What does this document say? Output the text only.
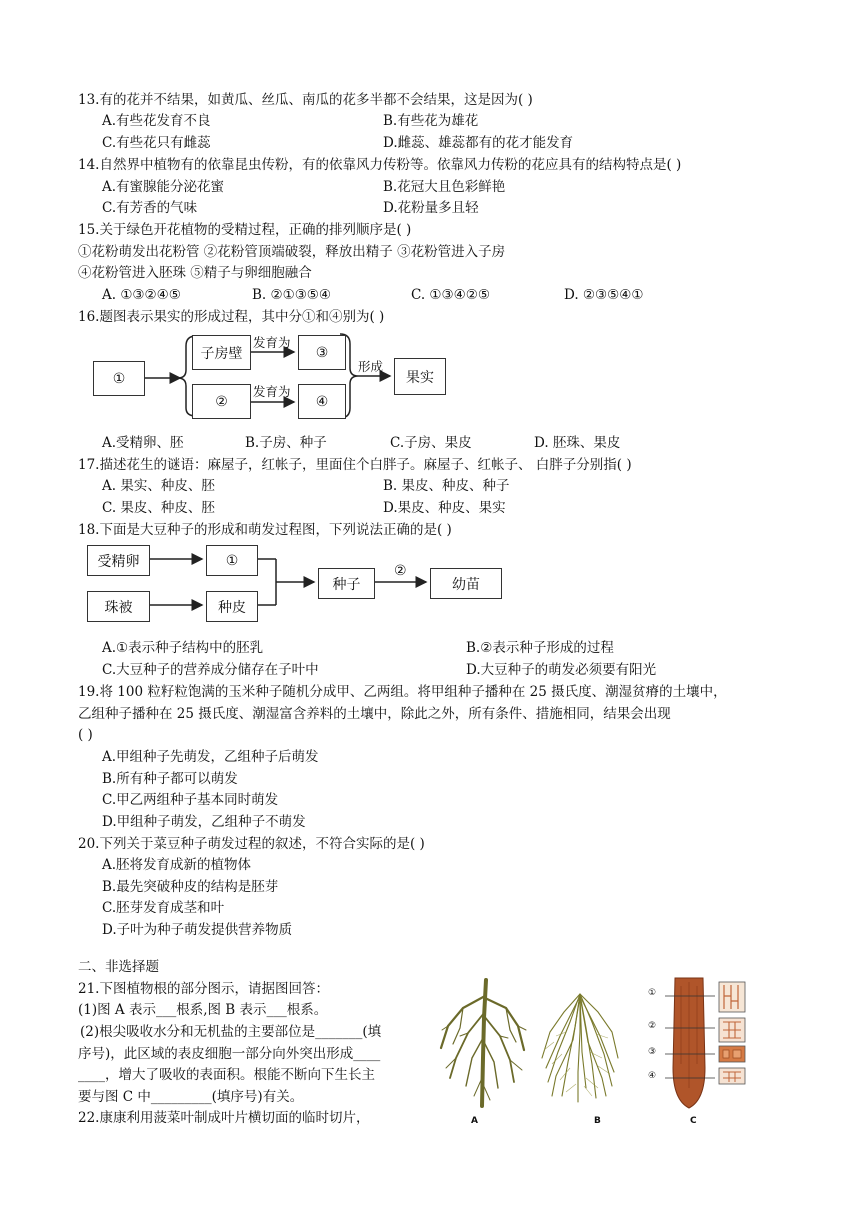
13.有的花并不结果，如黄瓜、丝瓜、南瓜的花多半都不会结果，这是因为( )
A.有些花发育不良	B.有些花为雄花
C.有些花只有雌蕊	D.雌蕊、雄蕊都有的花才能发育
14.自然界中植物有的依靠昆虫传粉，有的依靠风力传粉等。依靠风力传粉的花应具有的结构特点是( )
A.有蜜腺能分泌花蜜	B.花冠大且色彩鲜艳
C.有芳香的气味	D.花粉量多且轻
15.关于绿色开花植物的受精过程，正确的排列顺序是( )
①花粉萌发出花粉管 ②花粉管顶端破裂，释放出精子 ③花粉管进入子房
④花粉管进入胚珠 ⑤精子与卵细胞融合
A. ①③②④⑤	B. ②①③⑤④	C. ①③④②⑤	D. ②③⑤④①
16.题图表示果实的形成过程，其中分①和④别为( )
①
子房壁
发育为
③
形成
果实
②
发育为
④
A.受精卵、胚	B.子房、种子	C.子房、果皮	D. 胚珠、果皮
17.描述花生的谜语：麻屋子，红帐子，里面住个白胖子。麻屋子、红帐子、 白胖子分别指( )
A. 果实、种皮、胚	B. 果皮、种皮、种子
C. 果皮、种皮、胚	D.果皮、种皮、果实
18.下面是大豆种子的形成和萌发过程图，下列说法正确的是( )
受精卵	①
珠被	种皮
种子
②
幼苗
A.①表示种子结构中的胚乳	B.②表示种子形成的过程
C.大豆种子的营养成分储存在子叶中	D.大豆种子的萌发必须要有阳光
19.将 100 粒籽粒饱满的玉米种子随机分成甲、乙两组。将甲组种子播种在 25 摄氏度、潮湿贫瘠的土壤中，
乙组种子播种在 25 摄氏度、潮湿富含养料的土壤中，除此之外，所有条件、措施相同，结果会出现
( )
A.甲组种子先萌发，乙组种子后萌发
B.所有种子都可以萌发
C.甲乙两组种子基本同时萌发
D.甲组种子萌发，乙组种子不萌发
20.下列关于菜豆种子萌发过程的叙述，不符合实际的是( )
A.胚将发育成新的植物体
B.最先突破种皮的结构是胚芽
C.胚芽发育成茎和叶
D.子叶为种子萌发提供营养物质
二、非选择题
21.下图植物根的部分图示，请据图回答：
(1)图 A 表示___根系,图 B 表示___根系。
(2)根尖吸收水分和无机盐的主要部位是_______(填
序号)，此区域的表皮细胞一部分向外突出形成____
____，增大了吸收的表面积。根能不断向下生长主
要与图 C 中_________(填序号)有关。
22.康康利用菠菜叶制成叶片横切面的临时切片，	A	B
①
②
③
④
C
